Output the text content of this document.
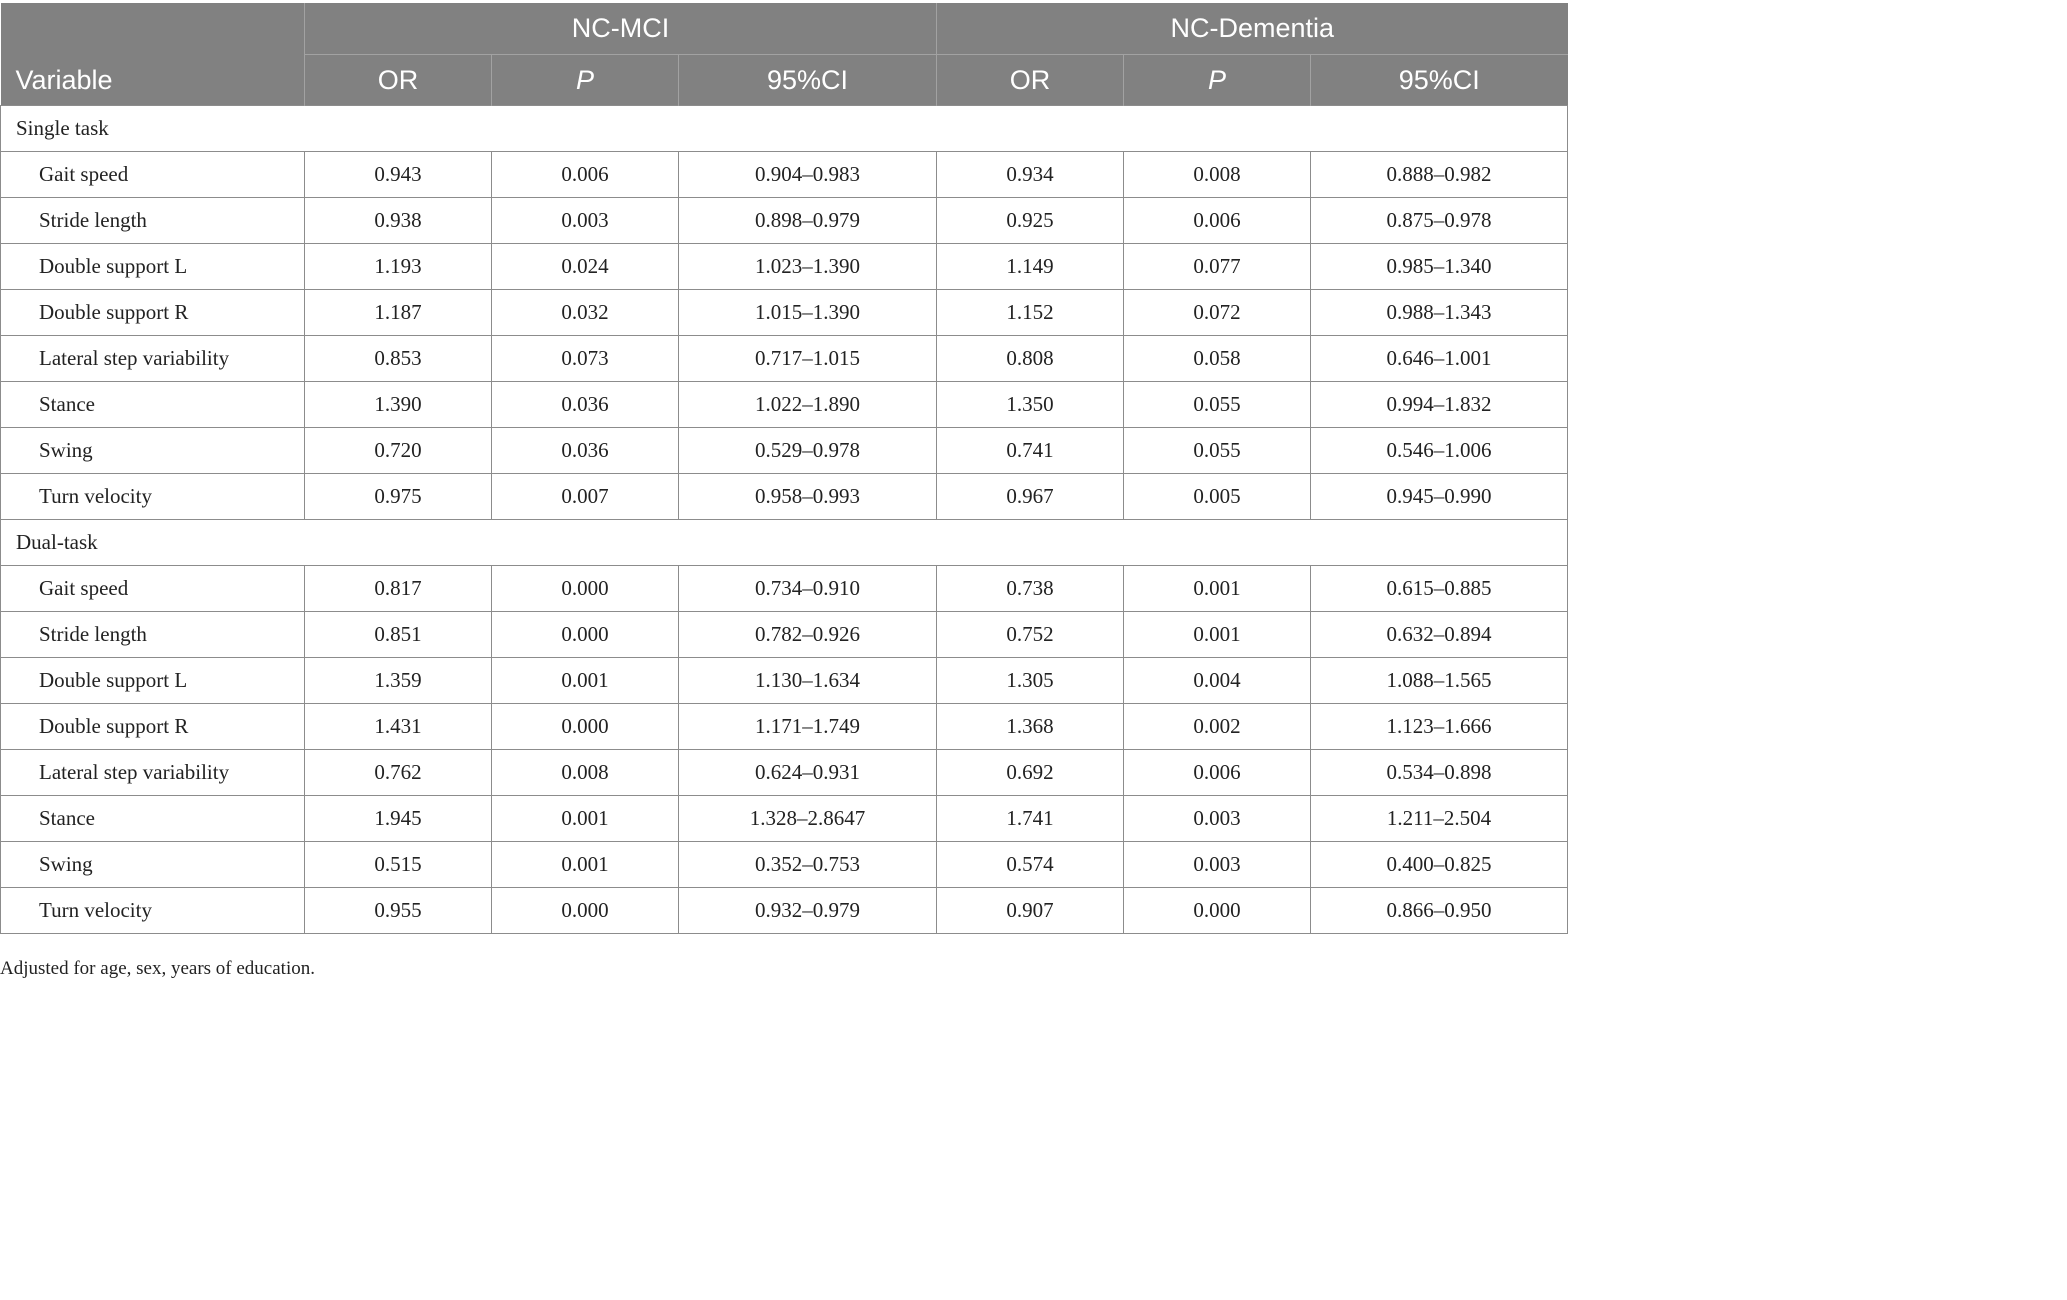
Variable	NC-MCI			NC-Dementia		
	OR	P	95%CI	OR	P	95%CI
Single task						
Gait speed	0.943	0.006	0.904–0.983	0.934	0.008	0.888–0.982
Stride length	0.938	0.003	0.898–0.979	0.925	0.006	0.875–0.978
Double support L	1.193	0.024	1.023–1.390	1.149	0.077	0.985–1.340
Double support R	1.187	0.032	1.015–1.390	1.152	0.072	0.988–1.343
Lateral step variability	0.853	0.073	0.717–1.015	0.808	0.058	0.646–1.001
Stance	1.390	0.036	1.022–1.890	1.350	0.055	0.994–1.832
Swing	0.720	0.036	0.529–0.978	0.741	0.055	0.546–1.006
Turn velocity	0.975	0.007	0.958–0.993	0.967	0.005	0.945–0.990
Dual-task						
Gait speed	0.817	0.000	0.734–0.910	0.738	0.001	0.615–0.885
Stride length	0.851	0.000	0.782–0.926	0.752	0.001	0.632–0.894
Double support L	1.359	0.001	1.130–1.634	1.305	0.004	1.088–1.565
Double support R	1.431	0.000	1.171–1.749	1.368	0.002	1.123–1.666
Lateral step variability	0.762	0.008	0.624–0.931	0.692	0.006	0.534–0.898
Stance	1.945	0.001	1.328–2.8647	1.741	0.003	1.211–2.504
Swing	0.515	0.001	0.352–0.753	0.574	0.003	0.400–0.825
Turn velocity	0.955	0.000	0.932–0.979	0.907	0.000	0.866–0.950
Adjusted for age, sex, years of education.
